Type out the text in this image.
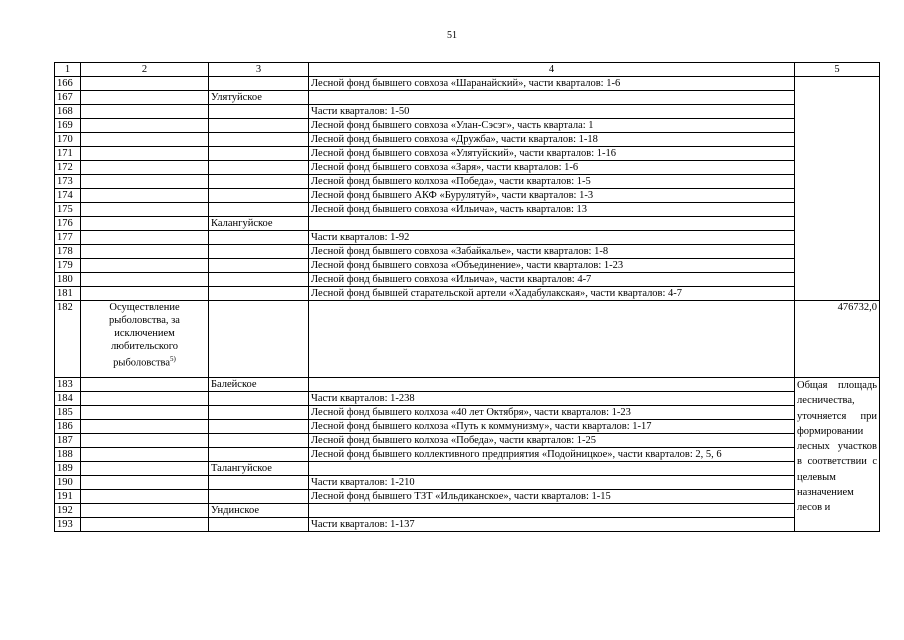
51
1	2	3	4	5
166			Лесной фонд бывшего совхоза «Шаранайский», части кварталов: 1-6	
167		Улятуйское		
168			Части кварталов: 1-50	
169			Лесной фонд бывшего совхоза «Улан-Сэсэг», часть квартала: 1	
170			Лесной фонд бывшего совхоза «Дружба», части кварталов: 1-18	
171			Лесной фонд бывшего совхоза «Улятуйский», части кварталов: 1-16	
172			Лесной фонд бывшего совхоза «Заря», части кварталов: 1-6	
173			Лесной фонд бывшего колхоза «Победа», части кварталов: 1-5	
174			Лесной фонд бывшего АКФ «Бурулятуй», части кварталов: 1-3	
175			Лесной фонд бывшего совхоза «Ильича», часть кварталов: 13	
176		Калангуйское		
177			Части кварталов: 1-92	
178			Лесной фонд бывшего совхоза «Забайкалье», части кварталов: 1-8	
179			Лесной фонд бывшего совхоза «Объединение», части кварталов: 1-23	
180			Лесной фонд бывшего совхоза «Ильича», части кварталов: 4-7	
181			Лесной фонд бывшей старательской артели «Хадабулакская», части кварталов: 4-7	
182	Осуществление рыболовства, за исключением любительского рыболовства$^{5)}$			476732,0
183		Балейское		Общая площадь лесничества, уточняется при формировании лесных участков в соответствии с целевым назначением лесов и
184			Части кварталов: 1-238	
185			Лесной фонд бывшего колхоза «40 лет Октября», части кварталов: 1-23	
186			Лесной фонд бывшего колхоза «Путь к коммунизму», части кварталов: 1-17	
187			Лесной фонд бывшего колхоза «Победа», части кварталов: 1-25	
188			Лесной фонд бывшего коллективного предприятия «Подойницкое», части кварталов: 2, 5, 6	
189		Талангуйское		
190			Части кварталов: 1-210	
191			Лесной фонд бывшего ТЗТ «Ильдиканское», части кварталов: 1-15	
192		Ундинское		
193			Части кварталов: 1-137	
